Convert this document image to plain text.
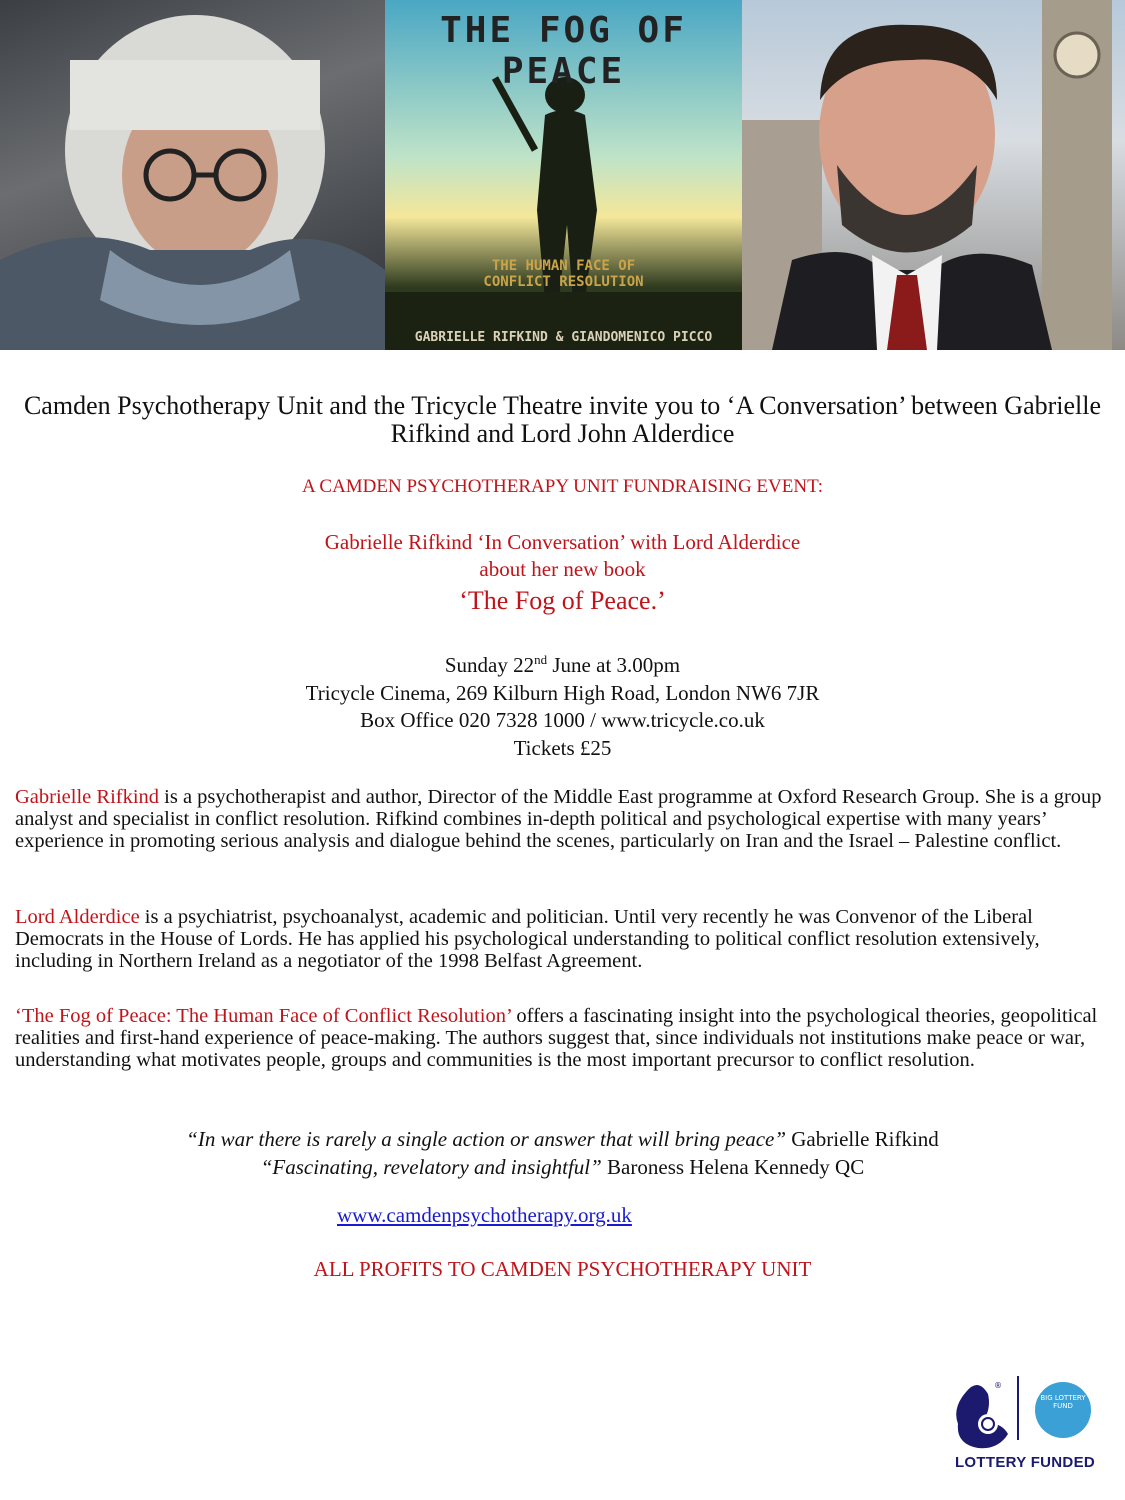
THE FOG OF PEACE
THE HUMAN FACE OF CONFLICT RESOLUTION
GABRIELLE RIFKIND & GIANDOMENICO PICCO
Camden Psychotherapy Unit and the Tricycle Theatre invite you to ‘A Conversation’ between Gabrielle Rifkind and Lord John Alderdice
A CAMDEN PSYCHOTHERAPY UNIT FUNDRAISING EVENT:
Gabrielle Rifkind ‘In Conversation’ with Lord Alderdice
about her new book
‘The Fog of Peace.’
Sunday 22nd June at 3.00pm
Tricycle Cinema, 269 Kilburn High Road, London NW6 7JR
Box Office 020 7328 1000 / www.tricycle.co.uk
Tickets £25

Gabrielle Rifkind is a psychotherapist and author, Director of the Middle East programme at Oxford Research Group. She is a group analyst and specialist in conflict resolution. Rifkind combines in-depth political and psychological expertise with many years’ experience in promoting serious analysis and dialogue behind the scenes, particularly on Iran and the Israel – Palestine conflict.

Lord Alderdice is a psychiatrist, psychoanalyst, academic and politician. Until very recently he was Convenor of the Liberal Democrats in the House of Lords. He has applied his psychological understanding to political conflict resolution extensively, including in Northern Ireland as a negotiator of the 1998 Belfast Agreement.

‘The Fog of Peace: The Human Face of Conflict Resolution’ offers a fascinating insight into the psychological theories, geopolitical realities and first-hand experience of peace-making. The authors suggest that, since individuals not institutions make peace or war, understanding what motivates people, groups and communities is the most important precursor to conflict resolution.

“In war there is rarely a single action or answer that will bring peace” Gabrielle Rifkind
“Fascinating, revelatory and insightful” Baroness Helena Kennedy QC
www.camdenpsychotherapy.org.uk
ALL PROFITS TO CAMDEN PSYCHOTHERAPY UNIT
®
BIG LOTTERY FUND
LOTTERY FUNDED
